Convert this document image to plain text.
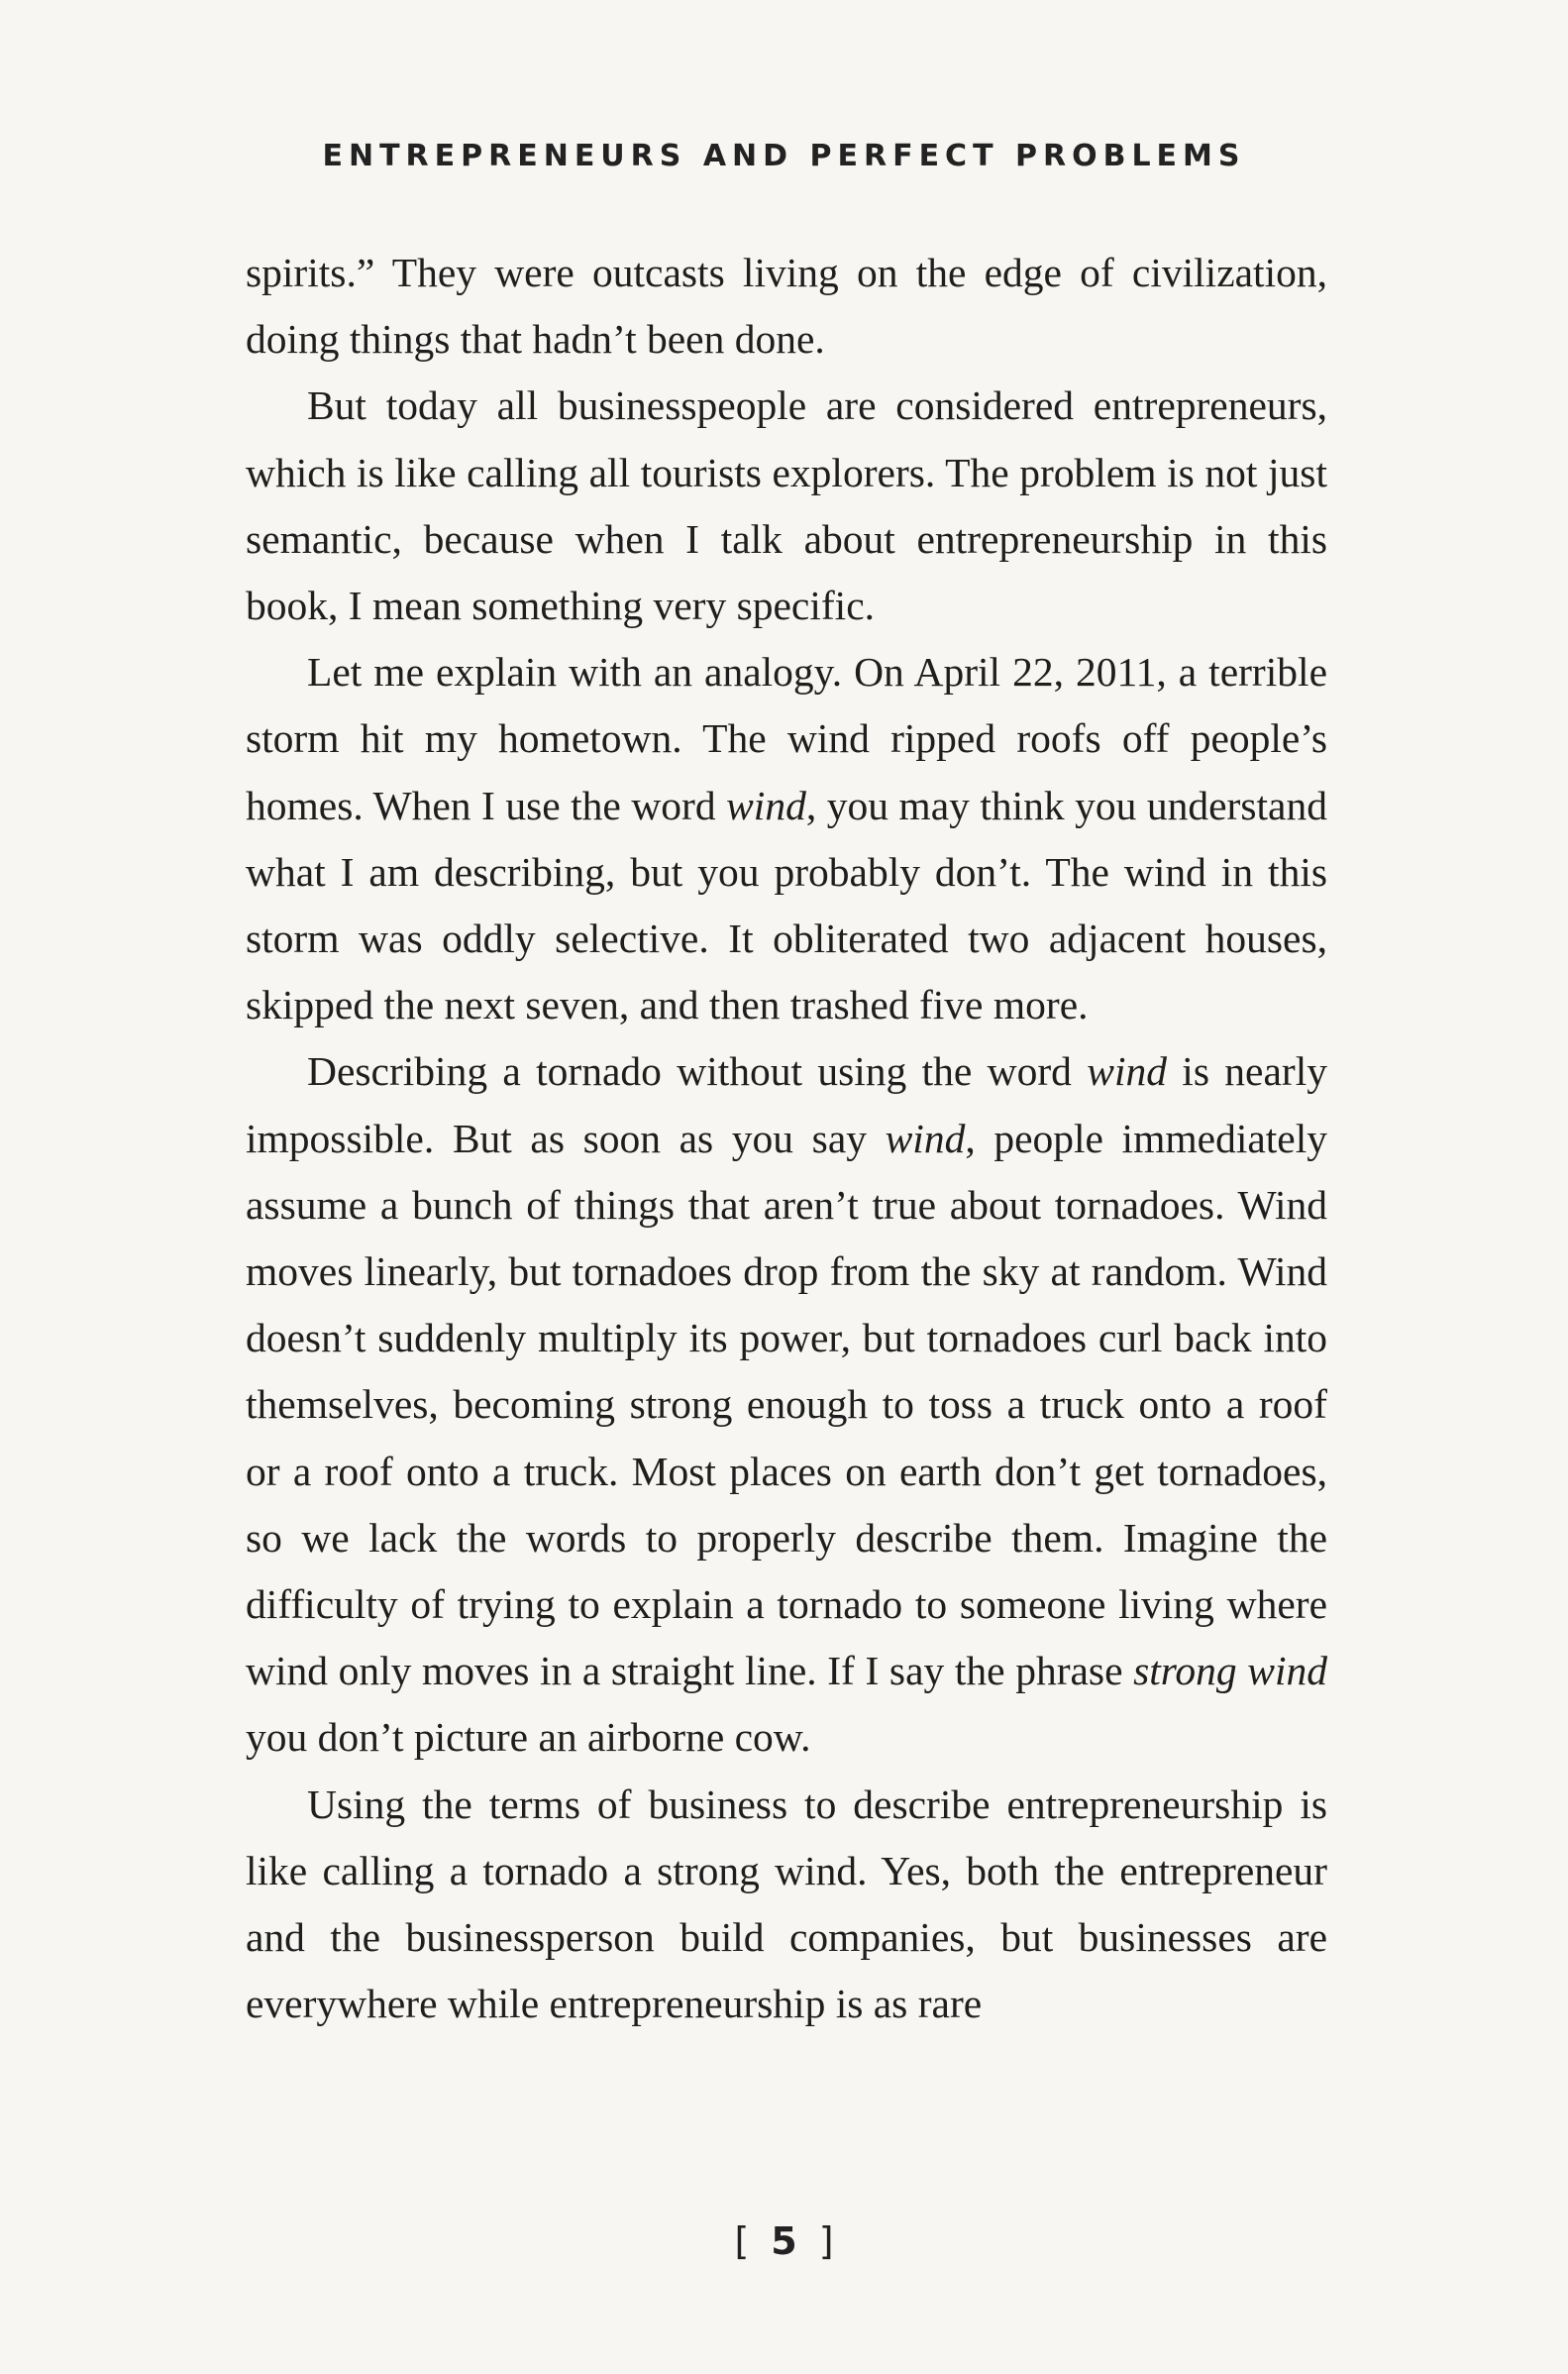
ENTREPRENEURS AND PERFECT PROBLEMS

spirits.” They were outcasts living on the edge of civilization, doing things that hadn’t been done.

But today all businesspeople are considered entrepreneurs, which is like calling all tourists explorers. The problem is not just semantic, because when I talk about entrepreneurship in this book, I mean something very specific.

Let me explain with an analogy. On April 22, 2011, a terrible storm hit my hometown. The wind ripped roofs off people’s homes. When I use the word wind, you may think you understand what I am describing, but you probably don’t. The wind in this storm was oddly selective. It obliterated two adjacent houses, skipped the next seven, and then trashed five more.

Describing a tornado without using the word wind is nearly impossible. But as soon as you say wind, people immediately assume a bunch of things that aren’t true about tornadoes. Wind moves linearly, but tornadoes drop from the sky at random. Wind doesn’t suddenly multiply its power, but tornadoes curl back into themselves, becoming strong enough to toss a truck onto a roof or a roof onto a truck. Most places on earth don’t get tornadoes, so we lack the words to properly describe them. Imagine the difficulty of trying to explain a tornado to someone living where wind only moves in a straight line. If I say the phrase strong wind you don’t picture an airborne cow.

Using the terms of business to describe entrepreneurship is like calling a tornado a strong wind. Yes, both the entrepreneur and the businessperson build companies, but businesses are everywhere while entrepreneurship is as rare

[ 5 ]
